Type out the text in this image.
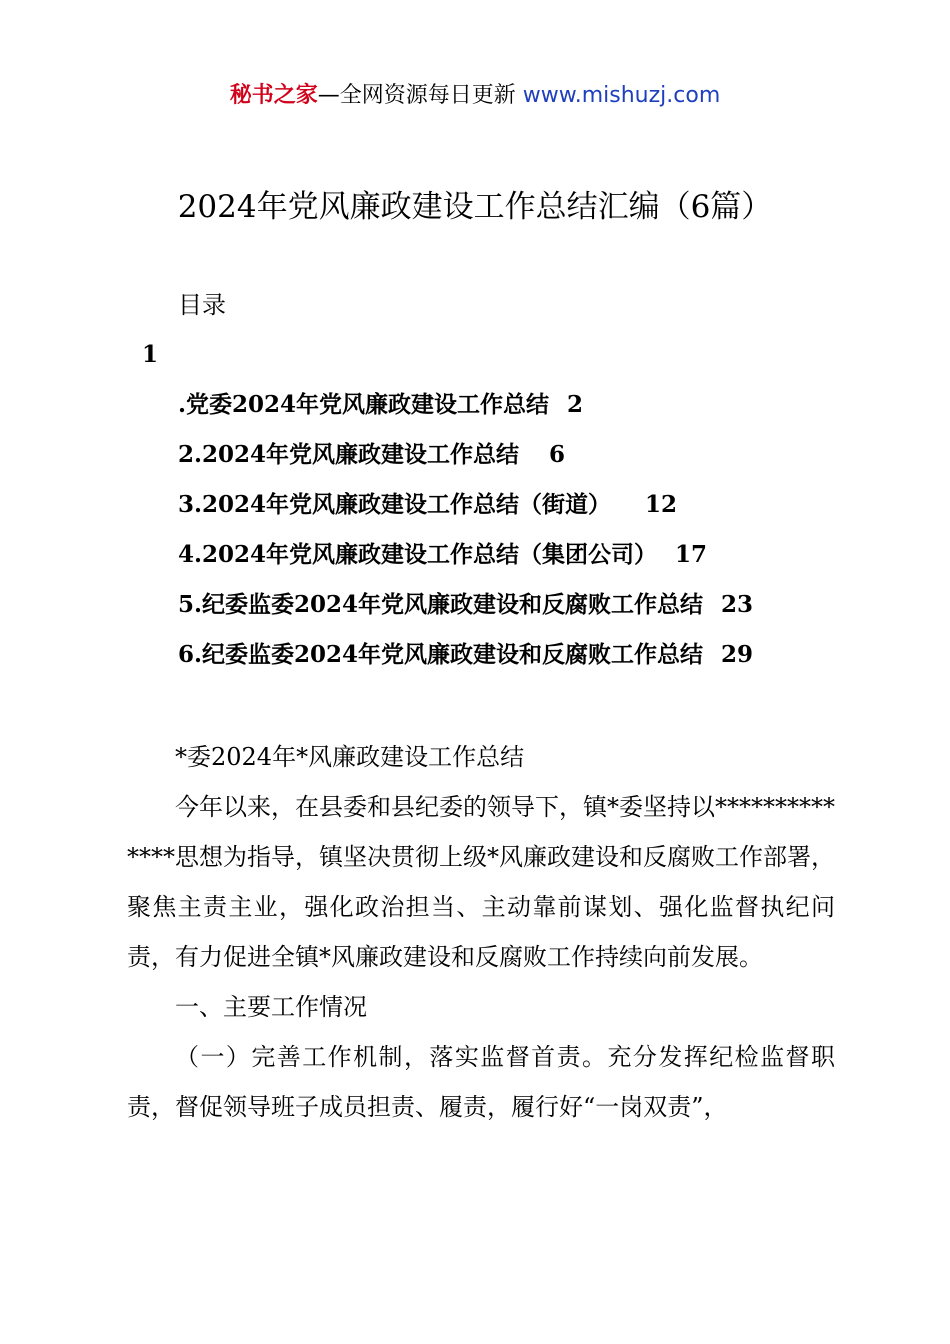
秘书之家—全网资源每日更新 www.mishuzj.com
2024年党风廉政建设工作总结汇编（6篇）
目录
1
.党委2024年党风廉政建设工作总结 2
2.2024年党风廉政建设工作总结 6
3.2024年党风廉政建设工作总结（街道） 12
4.2024年党风廉政建设工作总结（集团公司） 17
5.纪委监委2024年党风廉政建设和反腐败工作总结 23
6.纪委监委2024年党风廉政建设和反腐败工作总结 29

*委2024年*风廉政建设工作总结

今年以来，在县委和县纪委的领导下，镇*委坚持以**************思想为指导，镇坚决贯彻上级*风廉政建设和反腐败工作部署，聚焦主责主业，强化政治担当、主动靠前谋划、强化监督执纪问责，有力促进全镇*风廉政建设和反腐败工作持续向前发展。

一、主要工作情况

（一）完善工作机制，落实监督首责。充分发挥纪检监督职责，督促领导班子成员担责、履责，履行好“一岗双责”，
